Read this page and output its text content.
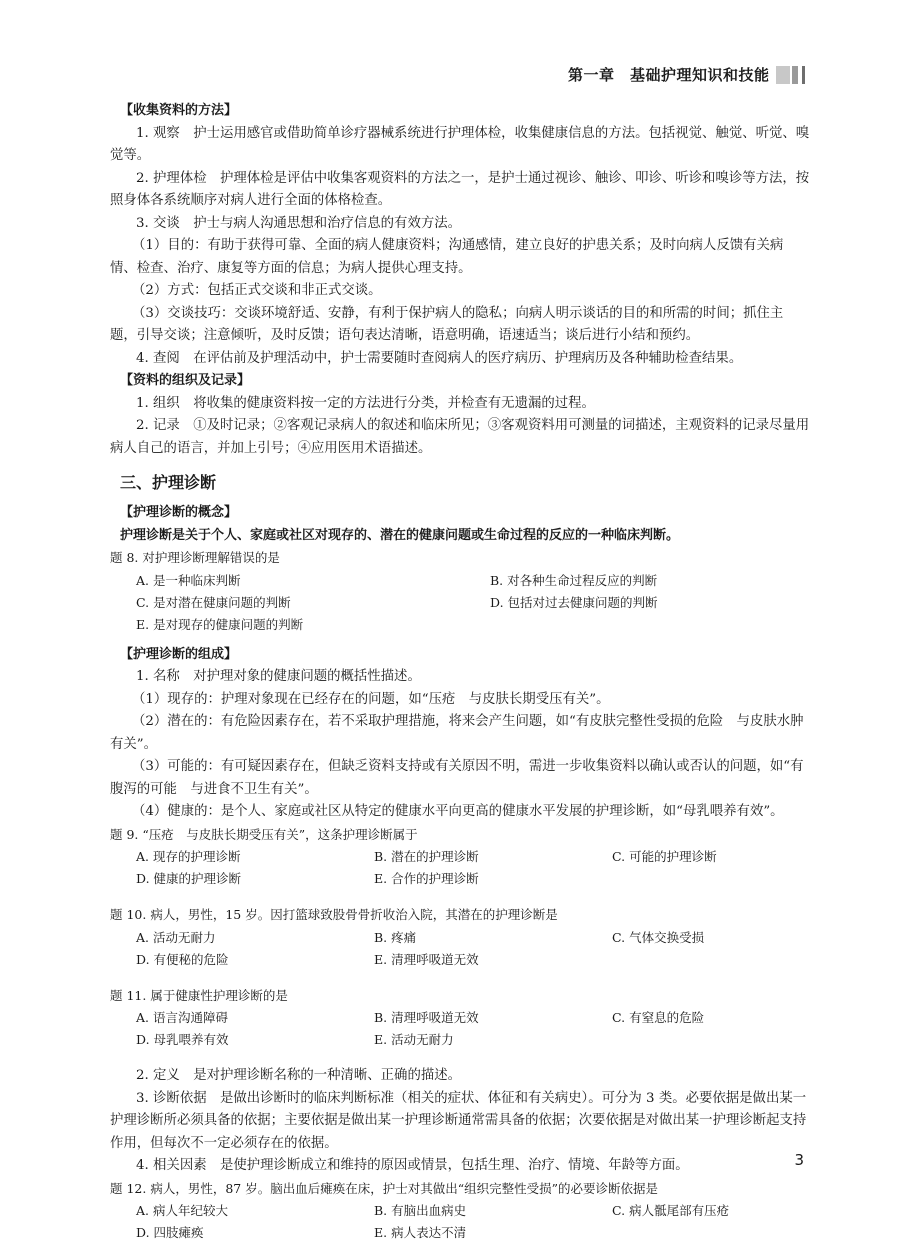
第一章　基础护理知识和技能

【收集资料的方法】

1. 观察　护士运用感官或借助简单诊疗器械系统进行护理体检，收集健康信息的方法。包括视觉、触觉、听觉、嗅觉等。

2. 护理体检　护理体检是评估中收集客观资料的方法之一，是护士通过视诊、触诊、叩诊、听诊和嗅诊等方法，按照身体各系统顺序对病人进行全面的体格检查。

3. 交谈　护士与病人沟通思想和治疗信息的有效方法。

（1）目的：有助于获得可靠、全面的病人健康资料；沟通感情，建立良好的护患关系；及时向病人反馈有关病情、检查、治疗、康复等方面的信息；为病人提供心理支持。

（2）方式：包括正式交谈和非正式交谈。

（3）交谈技巧：交谈环境舒适、安静，有利于保护病人的隐私；向病人明示谈话的目的和所需的时间；抓住主题，引导交谈；注意倾听，及时反馈；语句表达清晰，语意明确，语速适当；谈后进行小结和预约。

4. 查阅　在评估前及护理活动中，护士需要随时查阅病人的医疗病历、护理病历及各种辅助检查结果。

【资料的组织及记录】

1. 组织　将收集的健康资料按一定的方法进行分类，并检查有无遗漏的过程。

2. 记录　①及时记录；②客观记录病人的叙述和临床所见；③客观资料用可测量的词描述，主观资料的记录尽量用病人自己的语言，并加上引号；④应用医用术语描述。

三、护理诊断

【护理诊断的概念】

护理诊断是关于个人、家庭或社区对现存的、潜在的健康问题或生命过程的反应的一种临床判断。

题 8. 对护理诊断理解错误的是

A. 是一种临床判断	B. 对各种生命过程反应的判断
C. 是对潜在健康问题的判断	D. 包括对过去健康问题的判断
E. 是对现存的健康问题的判断

【护理诊断的组成】

1. 名称　对护理对象的健康问题的概括性描述。

（1）现存的：护理对象现在已经存在的问题，如“压疮　与皮肤长期受压有关”。

（2）潜在的：有危险因素存在，若不采取护理措施，将来会产生问题，如“有皮肤完整性受损的危险　与皮肤水肿有关”。

（3）可能的：有可疑因素存在，但缺乏资料支持或有关原因不明，需进一步收集资料以确认或否认的问题，如“有腹泻的可能　与进食不卫生有关”。

（4）健康的：是个人、家庭或社区从特定的健康水平向更高的健康水平发展的护理诊断，如“母乳喂养有效”。

题 9. “压疮　与皮肤长期受压有关”，这条护理诊断属于

A. 现存的护理诊断	B. 潜在的护理诊断	C. 可能的护理诊断
D. 健康的护理诊断	E. 合作的护理诊断

题 10. 病人，男性，15 岁。因打篮球致股骨骨折收治入院，其潜在的护理诊断是

A. 活动无耐力	B. 疼痛	C. 气体交换受损
D. 有便秘的危险	E. 清理呼吸道无效

题 11. 属于健康性护理诊断的是

A. 语言沟通障碍	B. 清理呼吸道无效	C. 有窒息的危险
D. 母乳喂养有效	E. 活动无耐力

2. 定义　是对护理诊断名称的一种清晰、正确的描述。

3. 诊断依据　是做出诊断时的临床判断标准（相关的症状、体征和有关病史）。可分为 3 类。必要依据是做出某一护理诊断所必须具备的依据；主要依据是做出某一护理诊断通常需具备的依据；次要依据是对做出某一护理诊断起支持作用，但每次不一定必须存在的依据。

4. 相关因素　是使护理诊断成立和维持的原因或情景，包括生理、治疗、情境、年龄等方面。

题 12. 病人，男性，87 岁。脑出血后瘫痪在床，护士对其做出“组织完整性受损”的必要诊断依据是

A. 病人年纪较大	B. 有脑出血病史	C. 病人骶尾部有压疮
D. 四肢瘫痪	E. 病人表达不清
3
